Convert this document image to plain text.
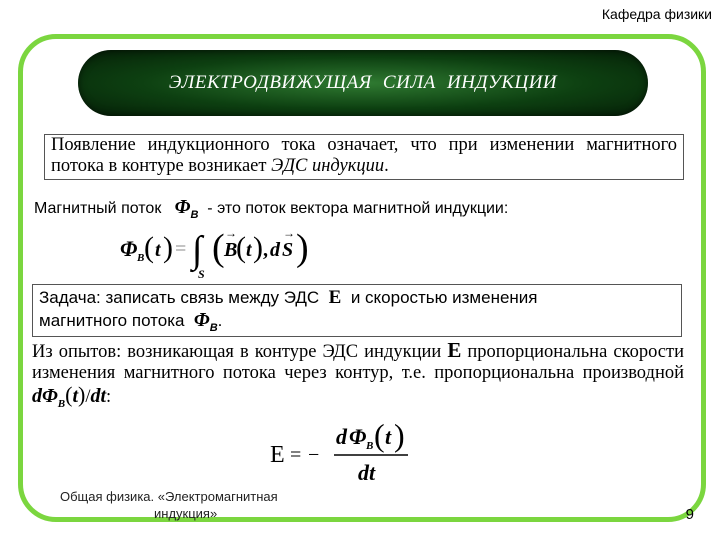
Кафедра физики
ЭЛЕКТРОДВИЖУЩАЯ СИЛА ИНДУКЦИИ
Появление индукционного тока означает, что при изменении магнитного потока в контуре возникает ЭДС индукции.
Магнитный поток $\Phi_B$ - это поток вектора магнитной индукции:
Φ B ( t ) = ∫
S
( B
→ ( t ) , d S
→ )
Задача: записать связь между ЭДС E и скоростью изменения
магнитного потока $\Phi_B$.
Из опытов: возникающая в контуре ЭДС индукции E пропорциональна скорости изменения магнитного потока через контур, т.е. пропорциональна производной $d\Phi_B(t)/dt$:
E = −
d Φ B ( t )
dt
Общая физика. «Электромагнитная
индукция»	9
